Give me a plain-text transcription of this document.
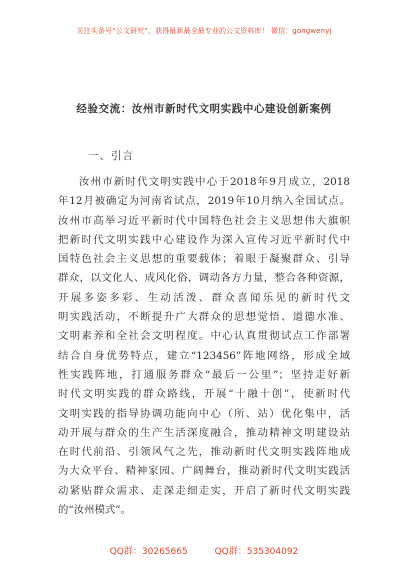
关注头条号“公文研究”，获得最新最全最专业的公文资料库！ 微信：gongwenyj
经验交流：汝州市新时代文明实践中心建设创新案例
一、引言
汝州市新时代文明实践中心于2018年9月成立，2018
年12月被确定为河南省试点，2019年10月纳入全国试点。
汝州市高举习近平新时代中国特色社会主义思想伟大旗帜
把新时代文明实践中心建设作为深入宣传习近平新时代中
国特色社会主义思想的重要载体；着眼于凝聚群众、引导
群众，以文化人、成风化俗，调动各方力量，整合各种资源，
开展多姿多彩、生动活泼、群众喜闻乐见的新时代文
明实践活动，不断提升广大群众的思想觉悟、道德水准、
文明素养和全社会文明程度。中心认真贯彻试点工作部署
结合自身优势特点，建立“123456”阵地网络，形成全域
性实践阵地，打通服务群众“最后一公里”；坚持走好新
时代文明实践的群众路线，开展“十融十创”，使新时代
文明实践的指导协调功能向中心（所、站）优化集中，活
动开展与群众的生产生活深度融合，推动精神文明建设站
在时代前沿、引领风气之先，推动新时代文明实践阵地成
为大众平台、精神家园、广阔舞台，推动新时代文明实践活
动紧贴群众需求、走深走细走实，开启了新时代文明实践
的“汝州模式”。
QQ群：30265665	QQ群：535304092
